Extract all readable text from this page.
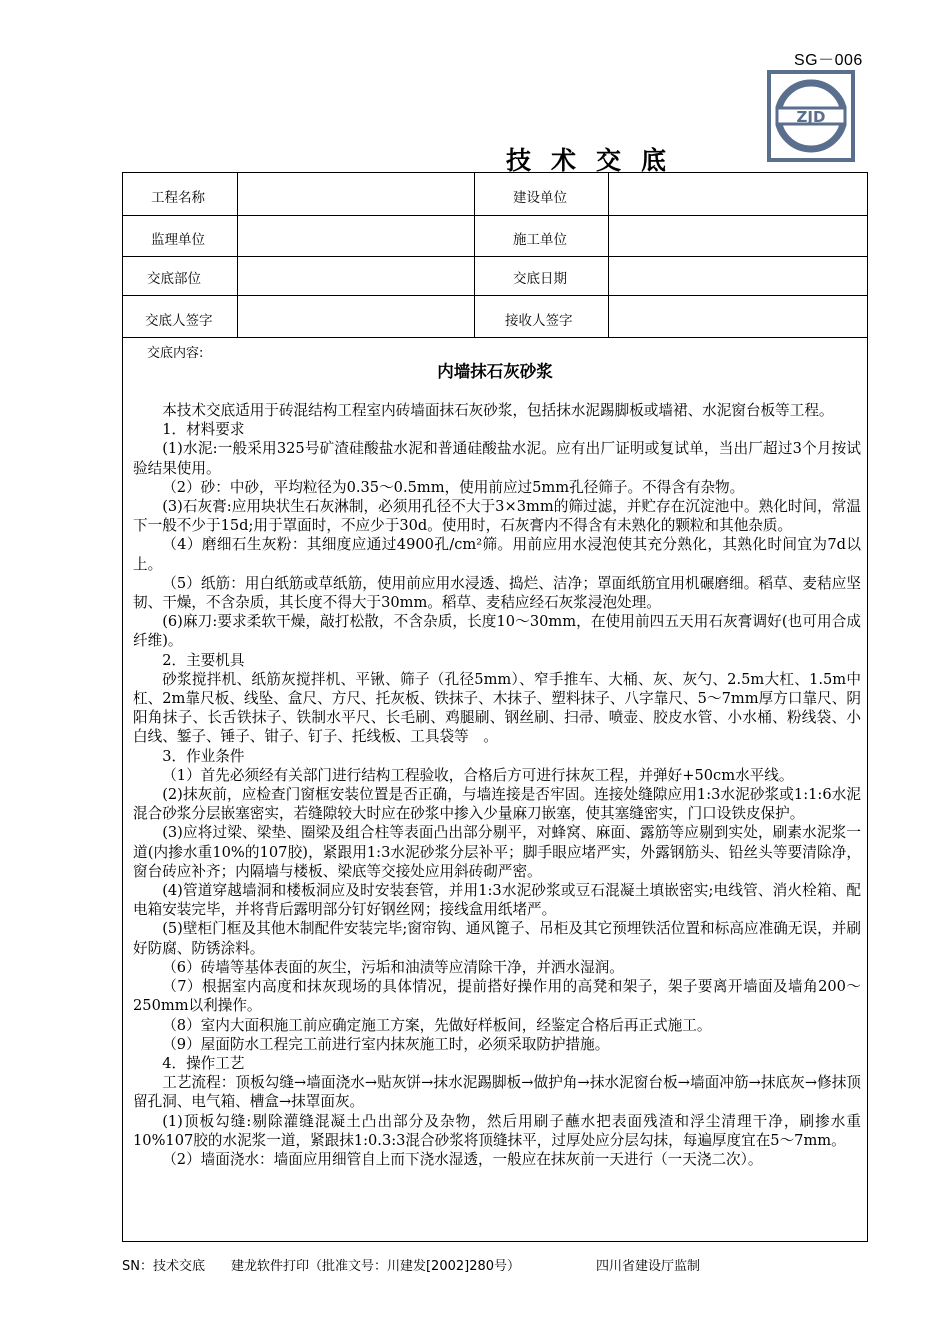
SG－006
ZJD
技术交底
工程名称	建设单位
监理单位	施工单位
交底部位	交底日期
交底人签字	接收人签字
交底内容:
内墙抹石灰砂浆

本技术交底适用于砖混结构工程室内砖墙面抹石灰砂浆，包括抹水泥踢脚板或墙裙、水泥窗台板等工程。

1．材料要求

(1)水泥:一般采用325号矿渣硅酸盐水泥和普通硅酸盐水泥。应有出厂证明或复试单，当出厂超过3个月按试验结果使用。

（2）砂：中砂，平均粒径为0.35～0.5mm，使用前应过5mm孔径筛子。不得含有杂物。

(3)石灰膏:应用块状生石灰淋制，必须用孔径不大于3×3mm的筛过滤，并贮存在沉淀池中。熟化时间，常温下一般不少于15d;用于罩面时，不应少于30d。使用时，石灰膏内不得含有未熟化的颗粒和其他杂质。

（4）磨细石生灰粉：其细度应通过4900孔/cm²筛。用前应用水浸泡使其充分熟化，其熟化时间宜为7d以上。

（5）纸筋：用白纸筋或草纸筋，使用前应用水浸透、捣烂、洁净；罩面纸筋宜用机碾磨细。稻草、麦秸应坚韧、干燥，不含杂质，其长度不得大于30mm。稻草、麦秸应经石灰浆浸泡处理。

(6)麻刀:要求柔软干燥，敲打松散，不含杂质，长度10～30mm，在使用前四五天用石灰膏调好(也可用合成纤维)。

2．主要机具

砂浆搅拌机、纸筋灰搅拌机、平锹、筛子（孔径5mm）、窄手推车、大桶、灰、灰勺、2.5m大杠、1.5m中杠、2m靠尺板、线坠、盒尺、方尺、托灰板、铁抹子、木抹子、塑料抹子、八字靠尺、5～7mm厚方口靠尺、阴阳角抹子、长舌铁抹子、铁制水平尺、长毛刷、鸡腿刷、钢丝刷、扫帚、喷壶、胶皮水管、小水桶、粉线袋、小白线、錾子、锤子、钳子、钉子、托线板、工具袋等　。

3．作业条件

（1）首先必须经有关部门进行结构工程验收，合格后方可进行抹灰工程，并弹好+50cm水平线。

(2)抹灰前，应检查门窗框安装位置是否正确，与墙连接是否牢固。连接处缝隙应用1:3水泥砂浆或1:1:6水泥混合砂浆分层嵌塞密实，若缝隙较大时应在砂浆中掺入少量麻刀嵌塞，使其塞缝密实，门口设铁皮保护。

(3)应将过梁、梁垫、圈梁及组合柱等表面凸出部分剔平，对蜂窝、麻面、露筋等应剔到实处，刷素水泥浆一道(内掺水重10%的107胶)，紧跟用1:3水泥砂浆分层补平；脚手眼应堵严实，外露钢筋头、铅丝头等要清除净，窗台砖应补齐；内隔墙与楼板、梁底等交接处应用斜砖砌严密。

(4)管道穿越墙洞和楼板洞应及时安装套管，并用1:3水泥砂浆或豆石混凝土填嵌密实;电线管、消火栓箱、配电箱安装完毕，并将背后露明部分钉好钢丝网；接线盒用纸堵严。

(5)壁柜门框及其他木制配件安装完毕;窗帘钩、通风篦子、吊柜及其它预埋铁活位置和标高应准确无误，并刷好防腐、防锈涂料。

（6）砖墙等基体表面的灰尘，污垢和油渍等应清除干净，并洒水湿润。

（7）根据室内高度和抹灰现场的具体情况，提前搭好操作用的高凳和架子，架子要离开墙面及墙角200～250mm以利操作。

（8）室内大面积施工前应确定施工方案，先做好样板间，经鉴定合格后再正式施工。

（9）屋面防水工程完工前进行室内抹灰施工时，必须采取防护措施。

4．操作工艺

工艺流程：顶板勾缝→墙面浇水→贴灰饼→抹水泥踢脚板→做护角→抹水泥窗台板→墙面冲筋→抹底灰→修抹顶留孔洞、电气箱、槽盒→抹罩面灰。

(1)顶板勾缝:剔除灌缝混凝土凸出部分及杂物，然后用刷子蘸水把表面残渣和浮尘清理干净，刷掺水重10%107胶的水泥浆一道，紧跟抹1:0.3:3混合砂浆将顶缝抹平，过厚处应分层勾抹，每遍厚度宜在5～7mm。

（2）墙面浇水：墙面应用细管自上而下浇水湿透，一般应在抹灰前一天进行（一天浇二次）。

SN：技术交底　　建龙软件打印（批准文号：川建发[2002]280号）	四川省建设厅监制
